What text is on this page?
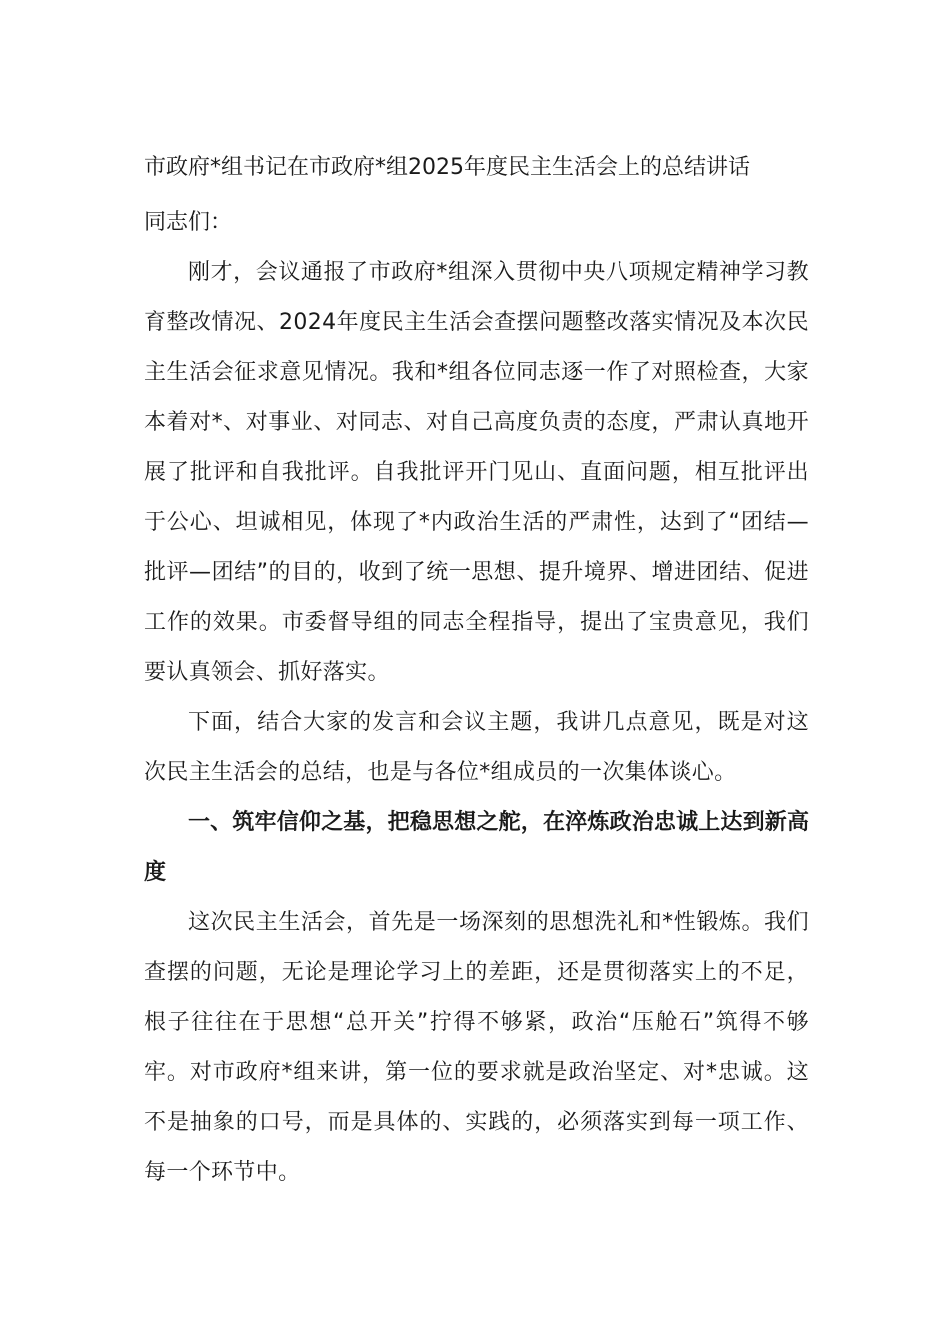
市政府*组书记在市政府*组2025年度民主生活会上的总结讲话

同志们：

刚才，会议通报了市政府*组深入贯彻中央八项规定精神学习教育整改情况、2024年度民主生活会查摆问题整改落实情况及本次民主生活会征求意见情况。我和*组各位同志逐一作了对照检查，大家本着对*、对事业、对同志、对自己高度负责的态度，严肃认真地开展了批评和自我批评。自我批评开门见山、直面问题，相互批评出于公心、坦诚相见，体现了*内政治生活的严肃性，达到了“团结—批评—团结”的目的，收到了统一思想、提升境界、增进团结、促进工作的效果。市委督导组的同志全程指导，提出了宝贵意见，我们要认真领会、抓好落实。

下面，结合大家的发言和会议主题，我讲几点意见，既是对这次民主生活会的总结，也是与各位*组成员的一次集体谈心。

一、筑牢信仰之基，把稳思想之舵，在淬炼政治忠诚上达到新高度

这次民主生活会，首先是一场深刻的思想洗礼和*性锻炼。我们查摆的问题，无论是理论学习上的差距，还是贯彻落实上的不足，根子往往在于思想“总开关”拧得不够紧，政治“压舱石”筑得不够牢。对市政府*组来讲，第一位的要求就是政治坚定、对*忠诚。这不是抽象的口号，而是具体的、实践的，必须落实到每一项工作、每一个环节中。
